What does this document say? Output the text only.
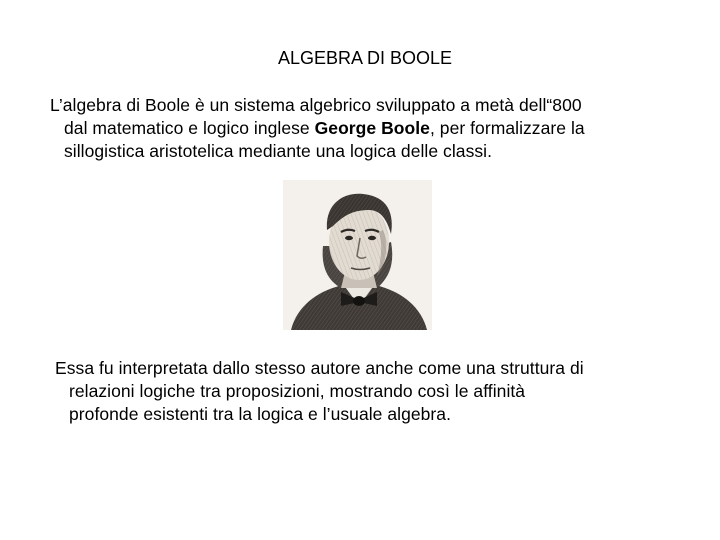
ALGEBRA DI BOOLE

L’algebra di Boole è un sistema algebrico sviluppato a metà dell“800
dal matematico e logico inglese George Boole, per formalizzare la
sillogistica aristotelica mediante una logica delle classi.

Essa fu interpretata dallo stesso autore anche come una struttura di
relazioni logiche tra proposizioni, mostrando così le affinità
profonde esistenti tra la logica e l’usuale algebra.
